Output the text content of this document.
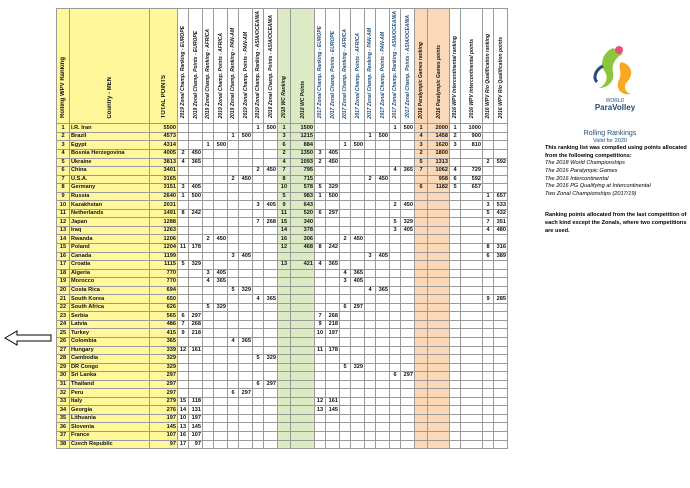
Rolling WPV Ranking	Country - MEN	TOTAL POINTS	2019 Zonal Champ. Ranking - EUROPE	2019 Zonal Champ. Points - EUROPE	2019 Zonal Champ. Ranking - AFRICA	2019 Zonal Champ. Points - AFRICA	2019 Zonal Champ. Ranking - PAN-AM	2019 Zonal Champ. Points - PAN-AM	2019 Zonal Champ. Ranking - ASIA/OCEANIA	2019 Zonal Champ. Points - ASIA/OCEANIA	2018 WC Ranking	2018 WC Points	2017 Zonal Champ. Ranking - EUROPE	2017 Zonal Champ. Points - EUROPE	2017 Zonal Champ. Ranking - AFRICA	2017 Zonal Champ. Points - AFRICA	2017 Zonal Champ. Ranking - PAN-AM	2017 Zonal Champ. Points - PAN-AM	2017 Zonal Champ. Ranking - ASIA/OCEANIA	2017 Zonal Champ. Points - ASIA/OCEANIA	2016 Paralympic Games ranking	2016 Paralympic Games points	2016 WPV Intercontinental ranking	2016 WPV Intercontinental points	2016 WPV Rio Qualification ranking	2016 WPV Rio Qualification points
1	I.R. Iran	5500							1	500	1	1500							1	500	1	2000	1	1000		
2	Brazil	4573					1	500			3	1215					1	500			4	1458	2	900		
3	Egypt	4314			1	500					6	884			1	500					3	1620	3	810		
4	Bosnia Herzegovina	4005	2	450							2	1350	3	405							2	1800				
5	Ukraine	3813	4	365							4	1093	2	450							5	1313			2	592
6	China	3401							2	450	7	795							4	365	7	1062	4	729		
7	U.S.A.	3165					2	450			8	715					2	450				958	6	592		
8	Germany	3151	3	405							10	578	5	329							6	1182	5	657		
9	Russia	2640	1	500							5	983	1	500											1	657
10	Kazakhstan	2031							3	405	9	643							2	450					3	533
11	Netherlands	1491	8	242							11	520	6	297											5	432
12	Japan	1288							7	268	15	340							5	329					7	351
13	Iraq	1263									14	378							3	405					4	480
14	Rwanda	1206			2	450					16	306			2	450										
15	Poland	1204	11	178							12	468	8	242											8	316
16	Canada	1199					3	405									3	405							6	389
17	Croatia	1115	5	329							13	421	4	365												
18	Algeria	770			3	405									4	365										
19	Morocco	770			4	365									3	405										
20	Costa Rica	694					5	329									4	365								
21	South Korea	650							4	365															9	285
22	South Africa	626			5	329									6	297										
23	Serbia	565	6	297									7	268												
24	Latvia	486	7	268									9	218												
25	Turkey	415	9	218									10	197												
26	Colombia	365					4	365																		
27	Hungary	339	12	161									11	178												
28	Cambodia	329							5	329																
29	DR Congo	329													5	329										
30	Sri Lanka	297																	6	297						
31	Thailand	297							6	297																
32	Peru	297					6	297																		
33	Italy	279	15	118									12	161												
34	Georgia	276	14	131									13	145												
35	Lithuania	197	10	197																						
36	Slovenia	145	13	145																						
37	France	107	16	107																						
38	Czech Republic	97	17	97																						
WORLD
ParaVolley
Rolling Rankings
Valid for 2020
This ranking list was compiled using points allocated from the following competitions:
The 2018 World Championships
The 2016 Paralympic Games
The 2016 Intercontinental
The 2016 PG Qualifying at Intercontinental
Two Zonal Championships (2017/19)
Ranking points allocated from the last competition of each kind except the Zonals, where two competitions are used.
